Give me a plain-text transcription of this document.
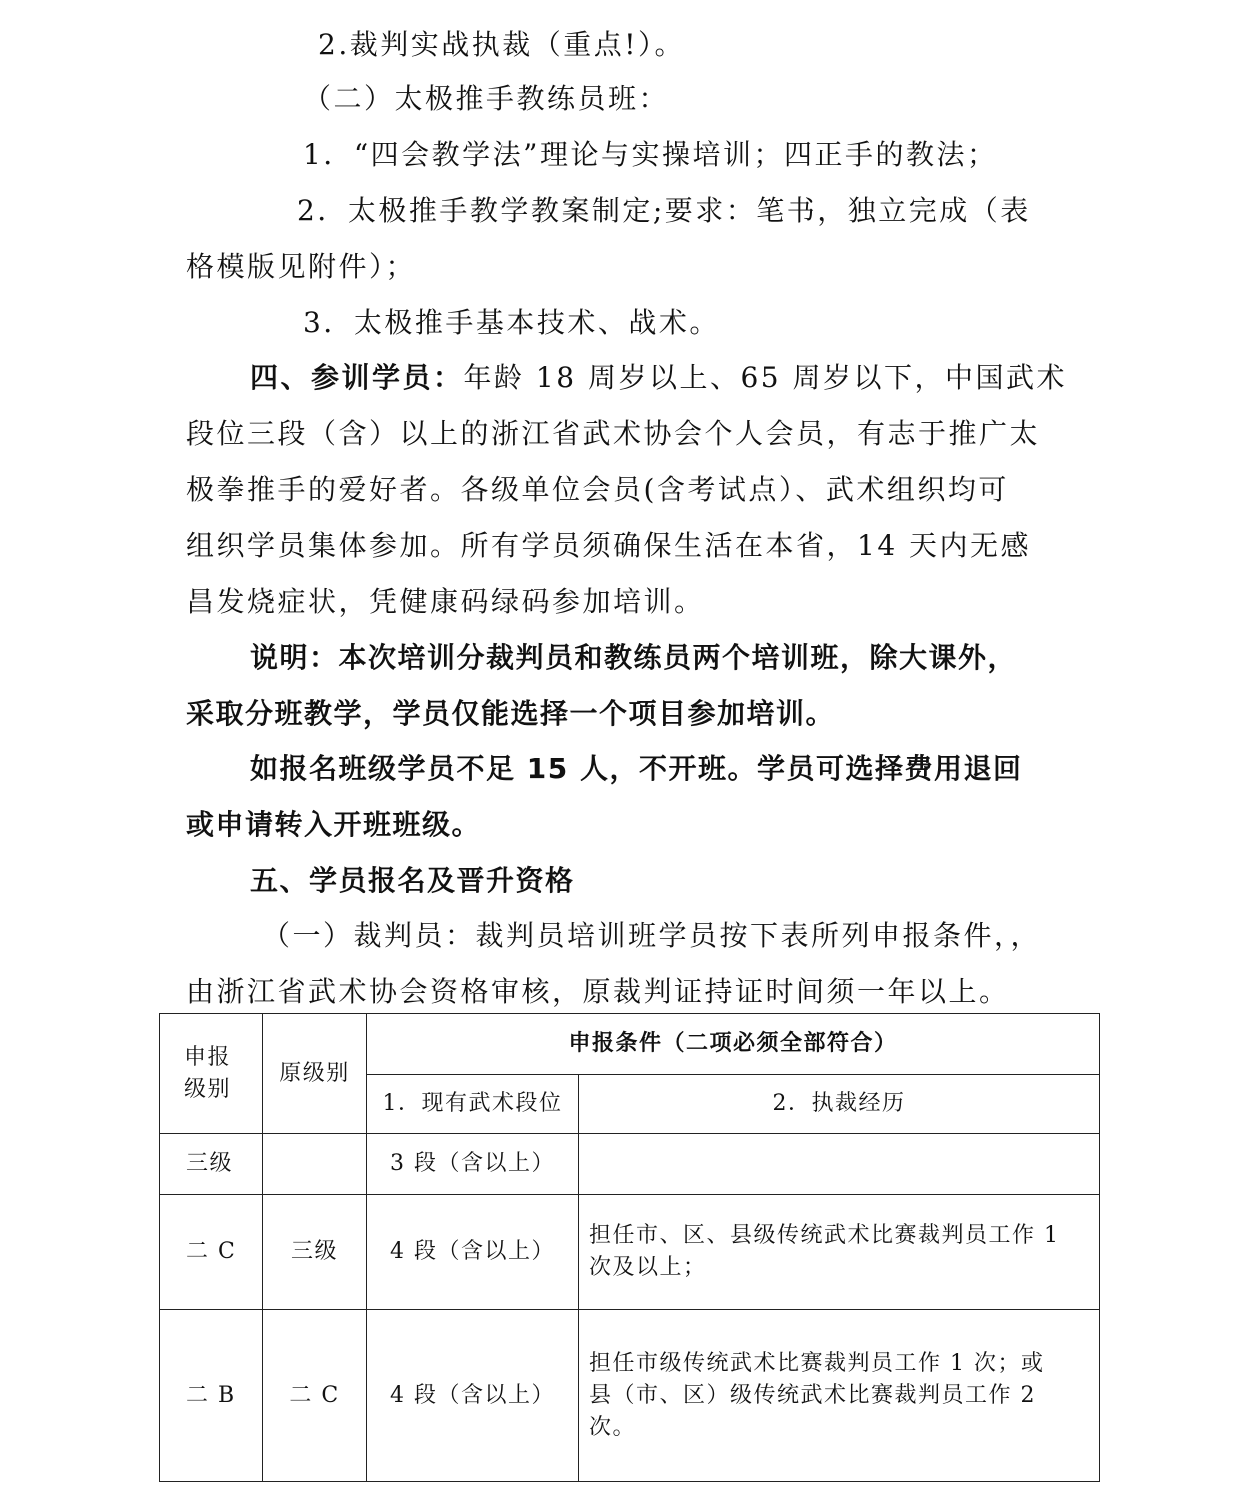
2.裁判实战执裁（重点!）。
（二）太极推手教练员班：
1．“四会教学法”理论与实操培训；四正手的教法；
2．太极推手教学教案制定;要求：笔书，独立完成（表
格模版见附件）；
3．太极推手基本技术、战术。
四、参训学员：年龄 18 周岁以上、65 周岁以下，中国武术
段位三段（含）以上的浙江省武术协会个人会员，有志于推广太
极拳推手的爱好者。各级单位会员(含考试点）、武术组织均可
组织学员集体参加。所有学员须确保生活在本省，14 天内无感
昌发烧症状，凭健康码绿码参加培训。
说明：本次培训分裁判员和教练员两个培训班，除大课外，
采取分班教学，学员仅能选择一个项目参加培训。
如报名班级学员不足 15 人，不开班。学员可选择费用退回
或申请转入开班班级。
五、学员报名及晋升资格
（一）裁判员：裁判员培训班学员按下表所列申报条件，，
由浙江省武术协会资格审核，原裁判证持证时间须一年以上。
申报
级别	原级别	申报条件（二项必须全部符合）	
		1．现有武术段位	2．执裁经历
三级		3 段（含以上）	
二 C	三级	4 段（含以上）	担任市、区、县级传统武术比赛裁判员工作 1
次及以上；

二 B	二 C	4 段（含以上）	担任市级传统武术比赛裁判员工作 1 次；或
县（市、区）级传统武术比赛裁判员工作 2
次。
